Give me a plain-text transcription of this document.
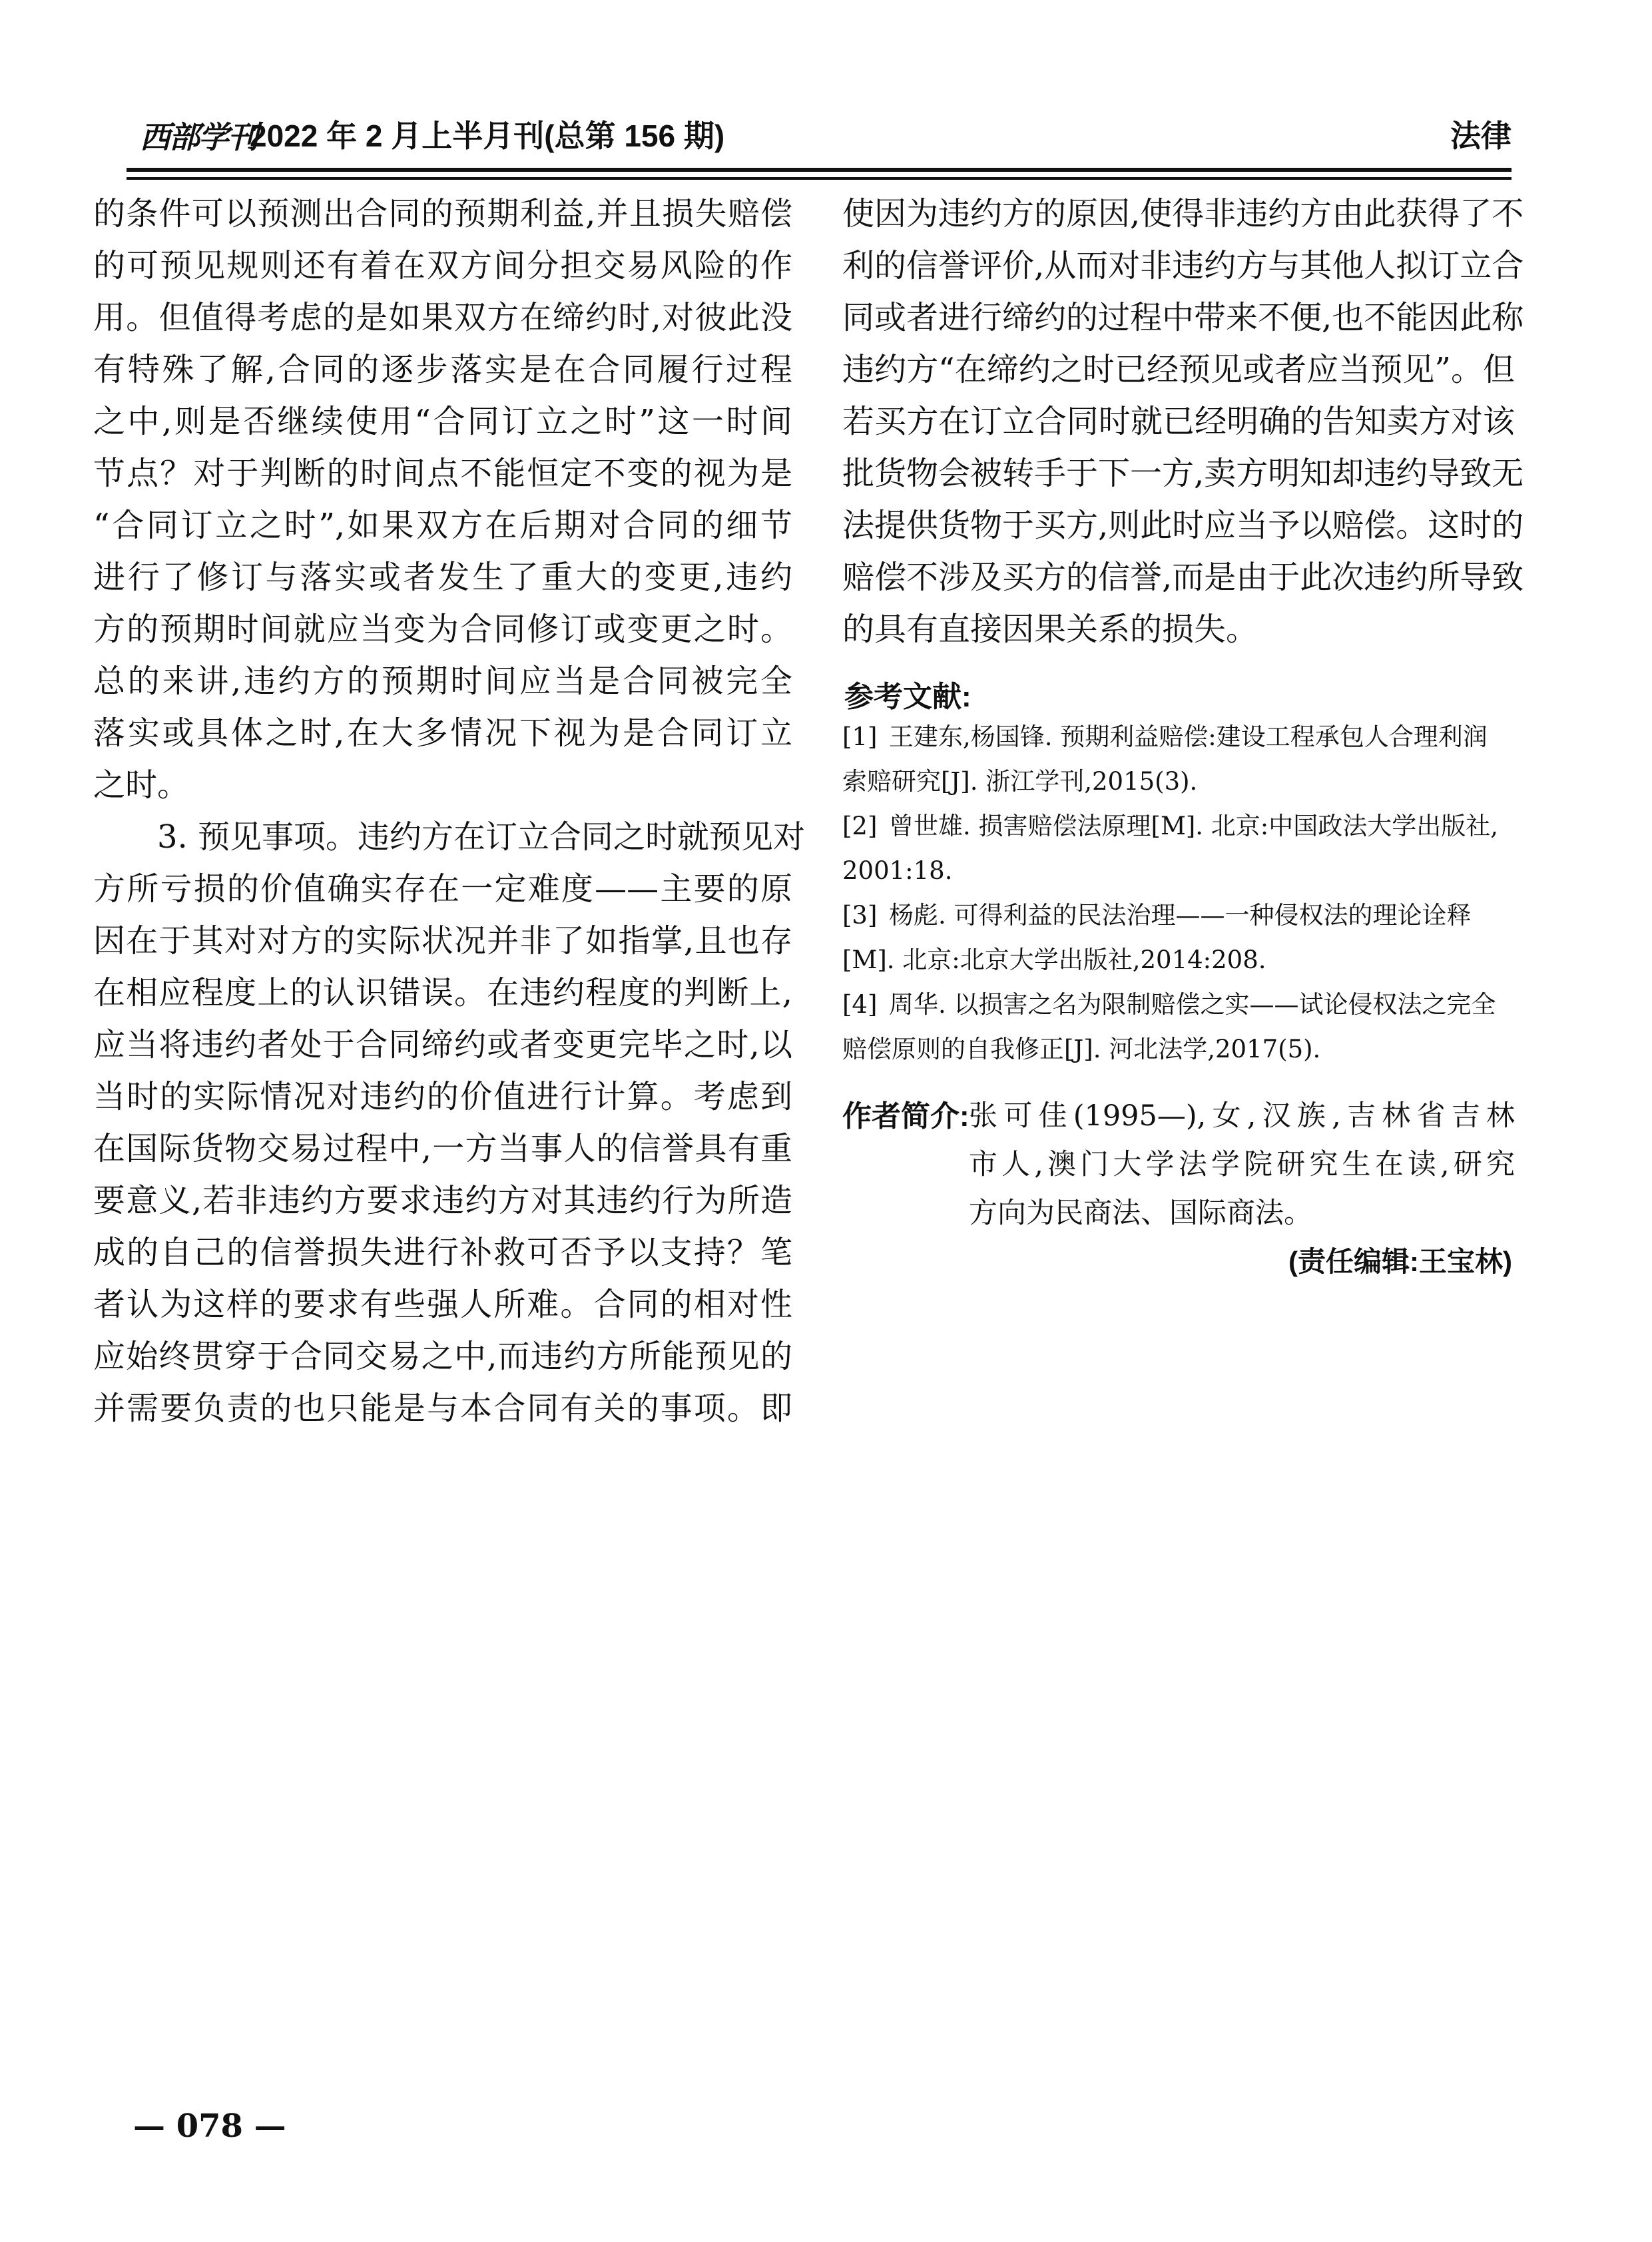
西部学刊
2022 年 2 月上半月刊(总第 156 期)	法律
的条件可以预测出合同的预期利益,并且损失赔偿
的可预见规则还有着在双方间分担交易风险的作
用。但值得考虑的是如果双方在缔约时,对彼此没
有特殊了解,合同的逐步落实是在合同履行过程
之中,则是否继续使用“合同订立之时”这一时间
节点？对于判断的时间点不能恒定不变的视为是
“合同订立之时”,如果双方在后期对合同的细节
进行了修订与落实或者发生了重大的变更,违约
方的预期时间就应当变为合同修订或变更之时。
总的来讲,违约方的预期时间应当是合同被完全
落实或具体之时,在大多情况下视为是合同订立
之时。
3. 预见事项。违约方在订立合同之时就预见对
方所亏损的价值确实存在一定难度——主要的原
因在于其对对方的实际状况并非了如指掌,且也存
在相应程度上的认识错误。在违约程度的判断上,
应当将违约者处于合同缔约或者变更完毕之时,以
当时的实际情况对违约的价值进行计算。考虑到
在国际货物交易过程中,一方当事人的信誉具有重
要意义,若非违约方要求违约方对其违约行为所造
成的自己的信誉损失进行补救可否予以支持？笔
者认为这样的要求有些强人所难。合同的相对性
应始终贯穿于合同交易之中,而违约方所能预见的
并需要负责的也只能是与本合同有关的事项。即
使因为违约方的原因,使得非违约方由此获得了不
利的信誉评价,从而对非违约方与其他人拟订立合
同或者进行缔约的过程中带来不便,也不能因此称
违约方“在缔约之时已经预见或者应当预见”。但
若买方在订立合同时就已经明确的告知卖方对该
批货物会被转手于下一方,卖方明知却违约导致无
法提供货物于买方,则此时应当予以赔偿。这时的
赔偿不涉及买方的信誉,而是由于此次违约所导致
的具有直接因果关系的损失。
参考文献:
[1] 王建东,杨国锋. 预期利益赔偿:建设工程承包人合理利润
索赔研究[J]. 浙江学刊,2015(3).
[2] 曾世雄. 损害赔偿法原理[M]. 北京:中国政法大学出版社,
2001:18.
[3] 杨彪. 可得利益的民法治理——一种侵权法的理论诠释
[M]. 北京:北京大学出版社,2014:208.
[4] 周华. 以损害之名为限制赔偿之实——试论侵权法之完全
赔偿原则的自我修正[J]. 河北法学,2017(5).
作者简介: 张可佳(1995—),女,汉族,吉林省吉林
市人,澳门大学法学院研究生在读,研究
方向为民商法、国际商法。
(责任编辑:王宝林)
— 078 —
